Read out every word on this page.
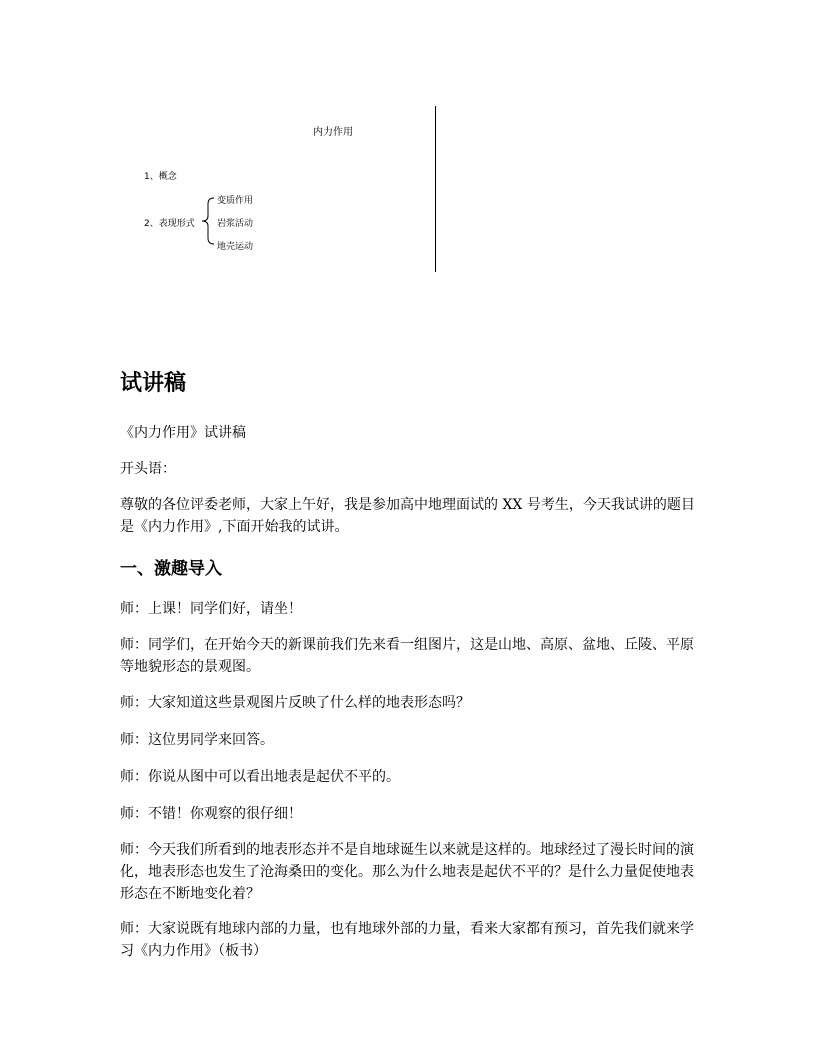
内力作用
1、概念
2、表现形式
变质作用
岩浆活动
地壳运动
试讲稿

《内力作用》试讲稿

开头语：

尊敬的各位评委老师，大家上午好，我是参加高中地理面试的 XX 号考生，今天我试讲的题目是《内力作用》,下面开始我的试讲。

一、激趣导入

师：上课！同学们好，请坐！

师：同学们，在开始今天的新课前我们先来看一组图片，这是山地、高原、盆地、丘陵、平原等地貌形态的景观图。

师：大家知道这些景观图片反映了什么样的地表形态吗？

师：这位男同学来回答。

师：你说从图中可以看出地表是起伏不平的。

师：不错！你观察的很仔细！

师：今天我们所看到的地表形态并不是自地球诞生以来就是这样的。地球经过了漫长时间的演化，地表形态也发生了沧海桑田的变化。那么为什么地表是起伏不平的？是什么力量促使地表形态在不断地变化着？

师：大家说既有地球内部的力量，也有地球外部的力量，看来大家都有预习，首先我们就来学习《内力作用》（板书）
